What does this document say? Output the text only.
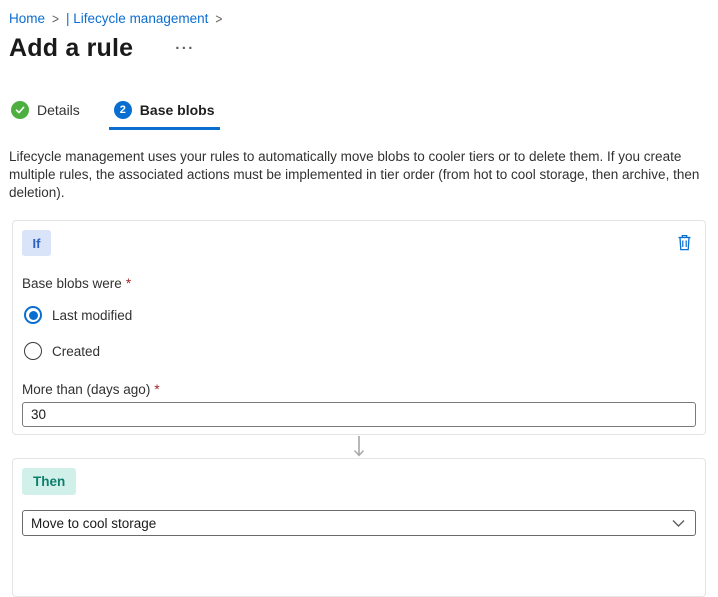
Home > | Lifecycle management >
Add a rule	···
Details	2 Base blobs

Lifecycle management uses your rules to automatically move blobs to cooler tiers or to delete them. If you create multiple rules, the associated actions must be implemented in tier order (from hot to cool storage, then archive, then deletion).

If
Base blobs were *
Last modified
Created
More than (days ago) *
30
Then
Move to cool storage
